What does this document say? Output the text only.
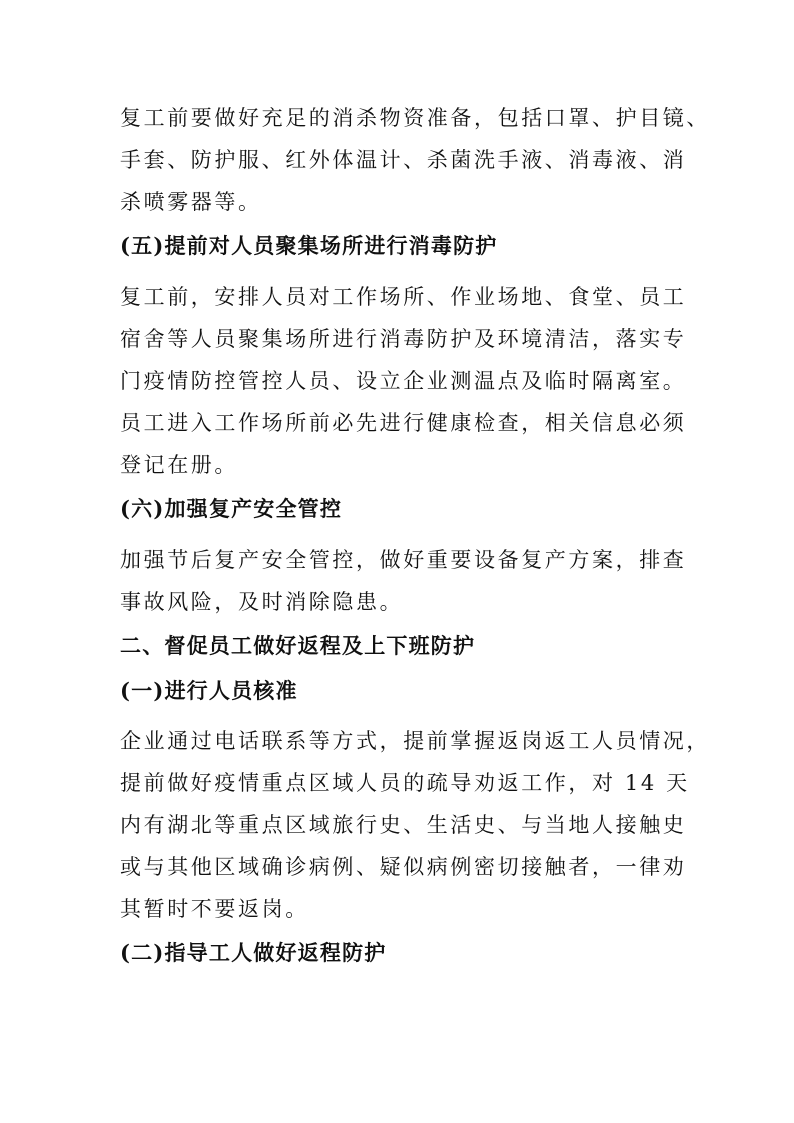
复工前要做好充足的消杀物资准备，包括口罩、护目镜、
手套、防护服、红外体温计、杀菌洗手液、消毒液、消
杀喷雾器等。
(五)提前对人员聚集场所进行消毒防护
复工前，安排人员对工作场所、作业场地、食堂、员工
宿舍等人员聚集场所进行消毒防护及环境清洁，落实专
门疫情防控管控人员、设立企业测温点及临时隔离室。
员工进入工作场所前必先进行健康检查，相关信息必须
登记在册。
(六)加强复产安全管控
加强节后复产安全管控，做好重要设备复产方案，排查
事故风险，及时消除隐患。
二、督促员工做好返程及上下班防护
(一)进行人员核准
企业通过电话联系等方式，提前掌握返岗返工人员情况，
提前做好疫情重点区域人员的疏导劝返工作，对 14 天
内有湖北等重点区域旅行史、生活史、与当地人接触史
或与其他区域确诊病例、疑似病例密切接触者，一律劝
其暂时不要返岗。
(二)指导工人做好返程防护
